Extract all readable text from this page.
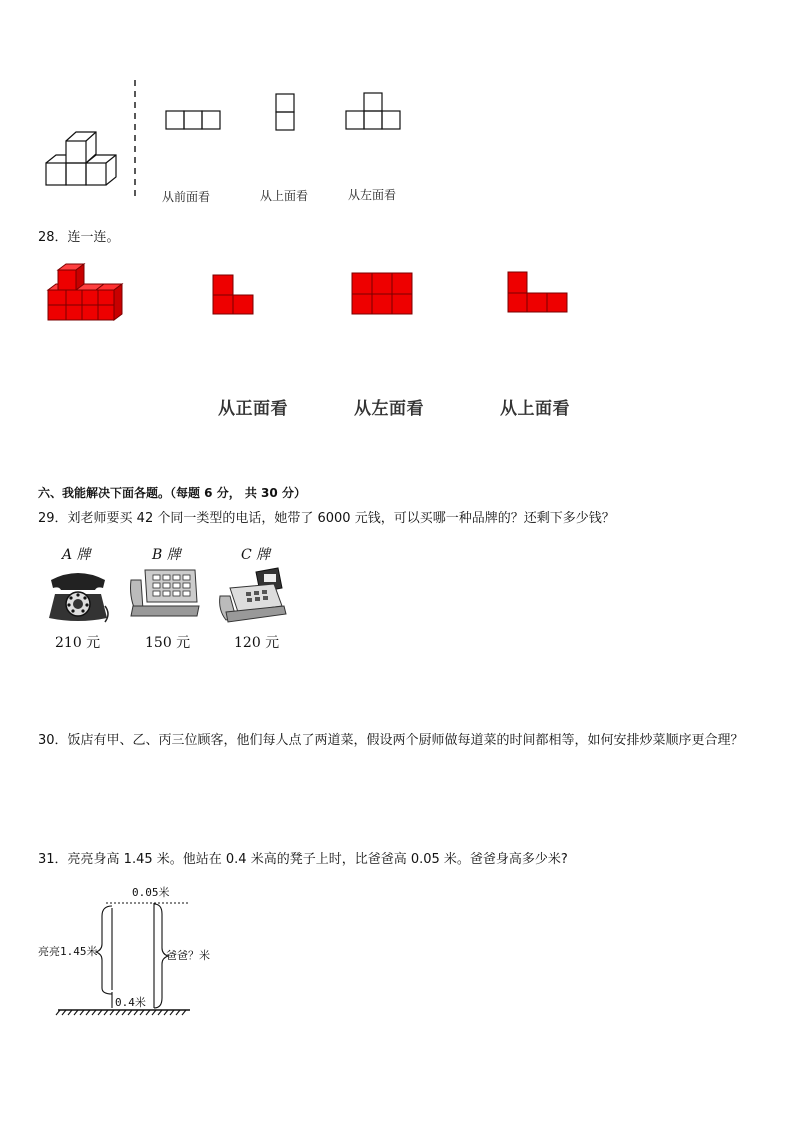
从前面看	从上面看	从左面看
28．连一连。
从正面看	从左面看	从上面看
六、我能解决下面各题。（每题 6 分， 共 30 分）
29．刘老师要买 42 个同一类型的电话，她带了 6000 元钱，可以买哪一种品牌的？还剩下多少钱？
A 牌	B 牌	C 牌
210 元	150 元	120 元
30．饭店有甲、乙、丙三位顾客，他们每人点了两道菜，假设两个厨师做每道菜的时间都相等，如何安排炒菜顺序更合理？
31．亮亮身高 1.45 米。他站在 0.4 米高的凳子上时，比爸爸高 0.05 米。爸爸身高多少米?
0.05米
亮亮1.45米	爸爸？米
0.4米
